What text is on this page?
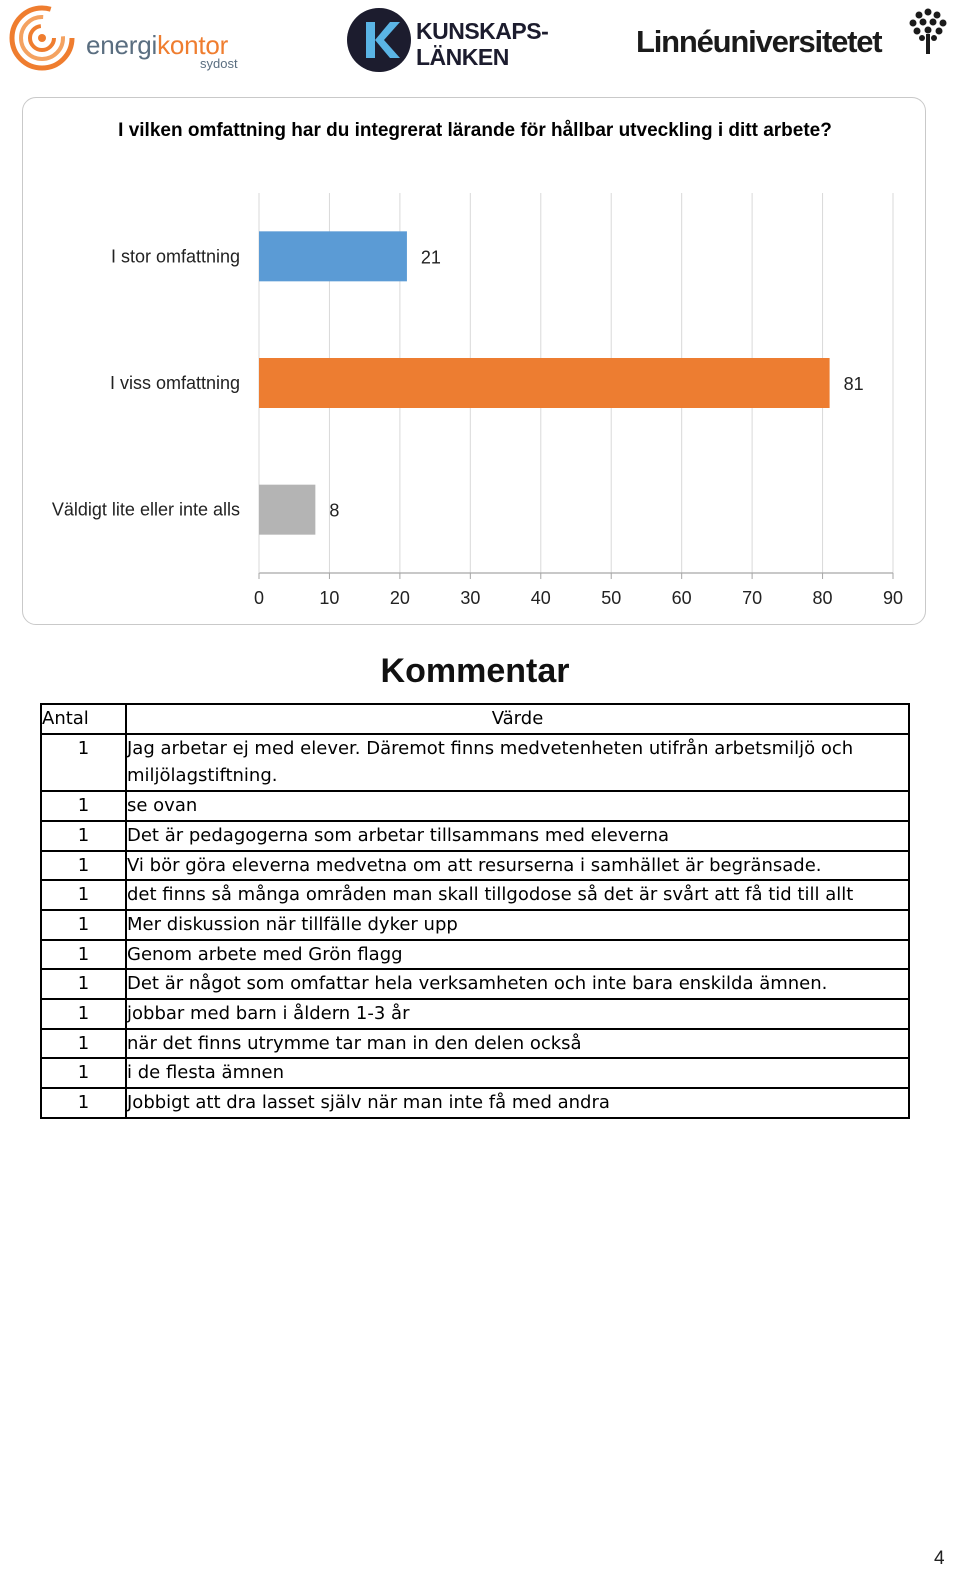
energikontor
sydost
KUNSKAPS-
LÄNKEN	Linnéuniversitetet
I vilken omfattning har du integrerat lärande för hållbar utveckling i ditt arbete?
0	10	20	30	40	50	60	70	80	90
I stor omfattning	21
I viss omfattning	81
Väldigt lite eller inte alls	8
Kommentar
Antal	Värde
1	Jag arbetar ej med elever. Däremot finns medvetenheten utifrån arbetsmiljö och miljölagstiftning.
1	se ovan
1	Det är pedagogerna som arbetar tillsammans med eleverna
1	Vi bör göra eleverna medvetna om att resurserna i samhället är begränsade.
1	det finns så många områden man skall tillgodose så det är svårt att få tid till allt
1	Mer diskussion när tillfälle dyker upp
1	Genom arbete med Grön flagg
1	Det är något som omfattar hela verksamheten och inte bara enskilda ämnen.
1	jobbar med barn i åldern 1-3 år
1	när det finns utrymme tar man in den delen också
1	i de flesta ämnen
1	Jobbigt att dra lasset själv när man inte få med andra
4
